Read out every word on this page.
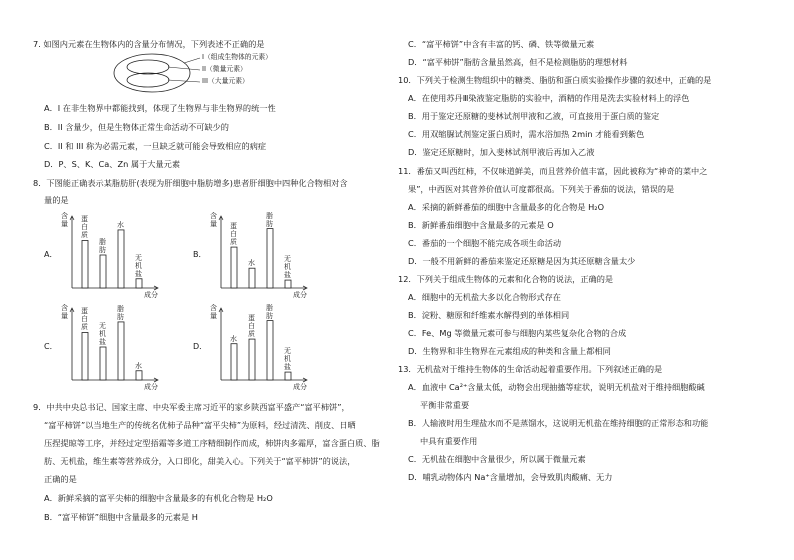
7. 如图内元素在生物体内的含量分布情况，下列表述不正确的是
I（组成生物体的元素）
II（微量元素）
III（大量元素）
A．I 在非生物界中都能找到，体现了生物界与非生物界的统一性
B．II 含量少，但是生物体正常生命活动不可缺少的
C．II 和 III 称为必需元素，一旦缺乏就可能会导致相应的病症
D．P、S、K、Ca、Zn 属于大量元素
8．下图能正确表示某脂肪肝(表现为肝细胞中脂肪增多)患者肝细胞中四种化合物相对含
量的是
A．
含量
蛋白质
脂肪
水
无机盐
成分
B．
含量 蛋白质
水
脂肪
无机盐
成分
C．
含量
蛋白质 无机盐
脂肪
水
成分
D．
含量
水
蛋白质
脂肪
无机盐
成分
9．中共中央总书记、国家主席、中央军委主席习近平的家乡陕西富平盛产“富平柿饼”，
“富平柿饼”以当地生产的传统名优柿子品种“富平尖柿”为原料，经过清洗、削皮、日晒
压捏提晾等工序，并经过定型捂霜等多道工序精细制作而成，柿饼肉多霜厚，富含蛋白质、脂
肪、无机盐，维生素等营养成分，入口即化，甜美入心。下列关于“富平柿饼”的说法，
正确的是
A．新鲜采摘的富平尖柿的细胞中含量最多的有机化合物是 H₂O
B．“富平柿饼”细胞中含量最多的元素是 H
C．“富平柿饼”中含有丰富的钙、磷、铁等微量元素
D．“富平柿饼”脂肪含量虽然高，但不是检测脂肪的理想材料
10．下列关于检测生物组织中的糖类、脂肪和蛋白质实验操作步骤的叙述中，正确的是
A．在使用苏丹Ⅲ染液鉴定脂肪的实验中，酒精的作用是洗去实验材料上的浮色
B．用于鉴定还原糖的斐林试剂甲液和乙液，可直接用于蛋白质的鉴定
C．用双缩脲试剂鉴定蛋白质时，需水浴加热 2min 才能看到紫色
D．鉴定还原糖时，加入斐林试剂甲液后再加入乙液
11．番茄又叫西红柿，不仅味道鲜美，而且营养价值丰富，因此被称为“神奇的菜中之
果”，中西医对其营养价值认可度都很高。下列关于番茄的说法，错误的是
A．采摘的新鲜番茄的细胞中含量最多的化合物是 H₂O
B．新鲜番茄细胞中含量最多的元素是 O
C．番茄的一个细胞不能完成各项生命活动
D．一般不用新鲜的番茄来鉴定还原糖是因为其还原糖含量太少
12．下列关于组成生物体的元素和化合物的说法，正确的是
A．细胞中的无机盐大多以化合物形式存在
B．淀粉、糖原和纤维素水解得到的单体相同
C．Fe、Mg 等微量元素可参与细胞内某些复杂化合物的合成
D．生物界和非生物界在元素组成的种类和含量上都相同
13．无机盐对于维持生物体的生命活动起着重要作用。下列叙述正确的是
A．血液中 Ca²⁺含量太低，动物会出现抽搐等症状，说明无机盐对于维持细胞酸碱
平衡非常重要
B．人输液时用生理盐水而不是蒸馏水，这说明无机盐在维持细胞的正常形态和功能
中具有重要作用
C．无机盐在细胞中含量很少，所以属于微量元素
D．哺乳动物体内 Na⁺含量增加，会导致肌肉酸痛、无力
